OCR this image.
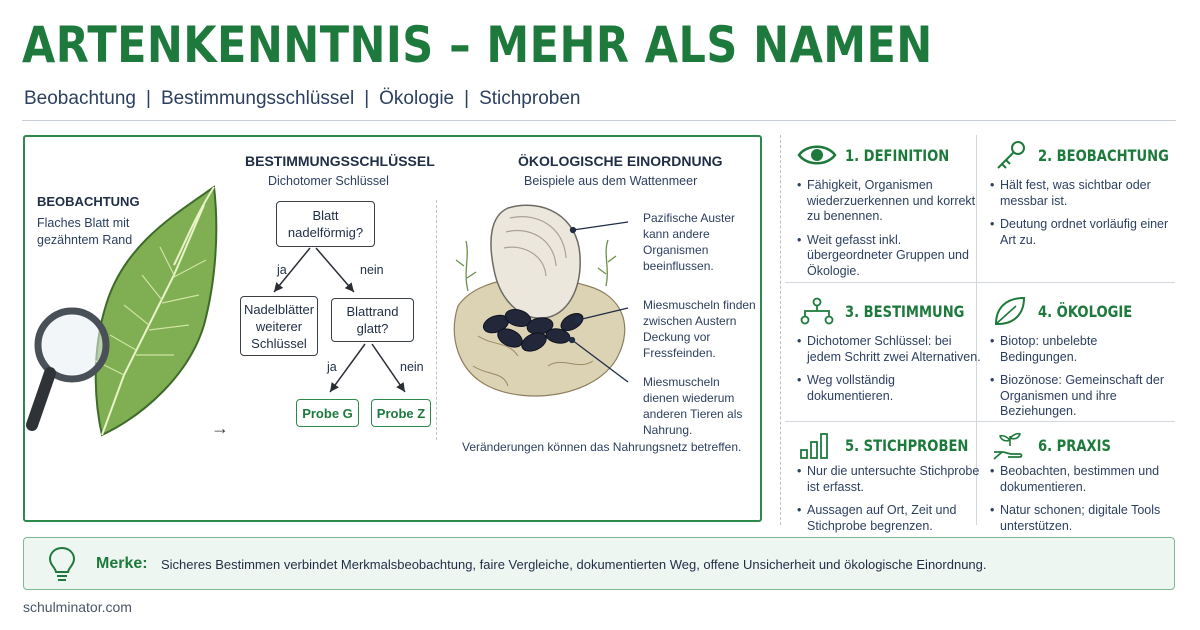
ARTENKENNTNIS – MEHR ALS NAMEN
Beobachtung | Bestimmungsschlüssel | Ökologie | Stichproben
BEOBACHTUNG
Flaches Blatt mit gezähntem Rand
→
BESTIMMUNGSSCHLÜSSEL
Dichotomer Schlüssel
Blatt nadelförmig?
ja	nein
Nadelblätter weiterer Schlüssel
Blattrand glatt?
ja	nein
Probe G	Probe Z
ÖKOLOGISCHE EINORDNUNG
Beispiele aus dem Wattenmeer
Pazifische Auster kann andere Organismen beeinflussen.
Miesmuscheln finden zwischen Austern Deckung vor Fressfeinden.
Miesmuscheln dienen wiederum anderen Tieren als Nahrung.
Veränderungen können das Nahrungsnetz betreffen.
1. DEFINITION
• Fähigkeit, Organismen wiederzuerkennen und korrekt zu benennen.
• Weit gefasst inkl. übergeordneter Gruppen und Ökologie.
2. BEOBACHTUNG
• Hält fest, was sichtbar oder messbar ist.
• Deutung ordnet vorläufig einer Art zu.
3. BESTIMMUNG
• Dichotomer Schlüssel: bei jedem Schritt zwei Alternativen.
• Weg vollständig dokumentieren.
4. ÖKOLOGIE
• Biotop: unbelebte Bedingungen.
• Biozönose: Gemeinschaft der Organismen und ihre Beziehungen.
5. STICHPROBEN
• Nur die untersuchte Stichprobe ist erfasst.
• Aussagen auf Ort, Zeit und Stichprobe begrenzen.
6. PRAXIS
• Beobachten, bestimmen und dokumentieren.
• Natur schonen; digitale Tools unterstützen.
Merke: Sicheres Bestimmen verbindet Merkmalsbeobachtung, faire Vergleiche, dokumentierten Weg, offene Unsicherheit und ökologische Einordnung.
schulminator.com
